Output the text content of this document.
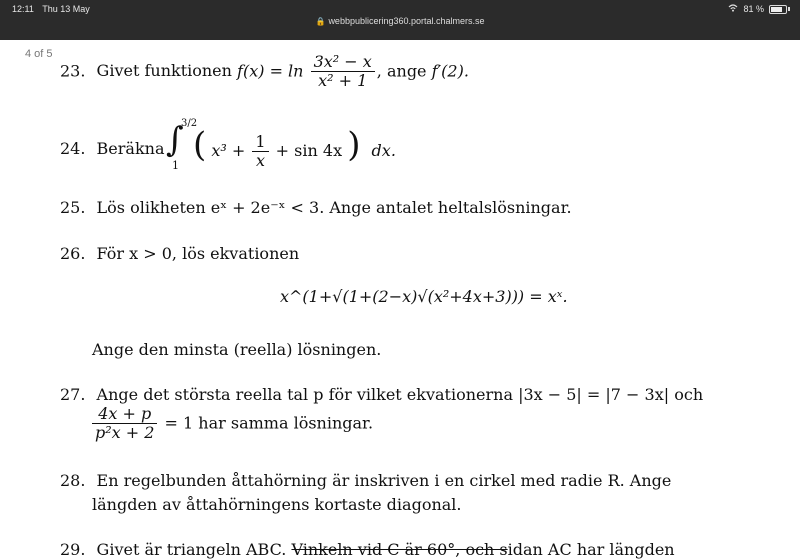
12:11 Thu 13 May	81 %
🔒 webbpublicering360.portal.chalmers.se
4 of 5
23. Givet funktionen $f(x) = \ln \frac{\text{3x² − x}}{\text{x² + 1}}$ , ange f′(2).
24. Beräkna ∫
3/2
1
( $x^3 + \frac{1}{x} + \sin 4x$ ) dx.
25. Lös olikheten eˣ + 2e⁻ˣ < 3. Ange antalet heltalslösningar.
26. För x > 0, lös ekvationen
x^(1+√(1+(2−x)√(x²+4x+3))) = xˣ.
Ange den minsta (reella) lösningen.
27. Ange det största reella tal p för vilket ekvationerna |3x − 5| = |7 − 3x| och
$\frac{4x + p}{\text{p²x + 2}} = 1$ har samma lösningar.
28. En regelbunden åttahörning är inskriven i en cirkel med radie R. Ange
längden av åttahörningens kortaste diagonal.
29. Givet är triangeln ABC. Vinkeln vid C är 60°, och sidan AC har längden
